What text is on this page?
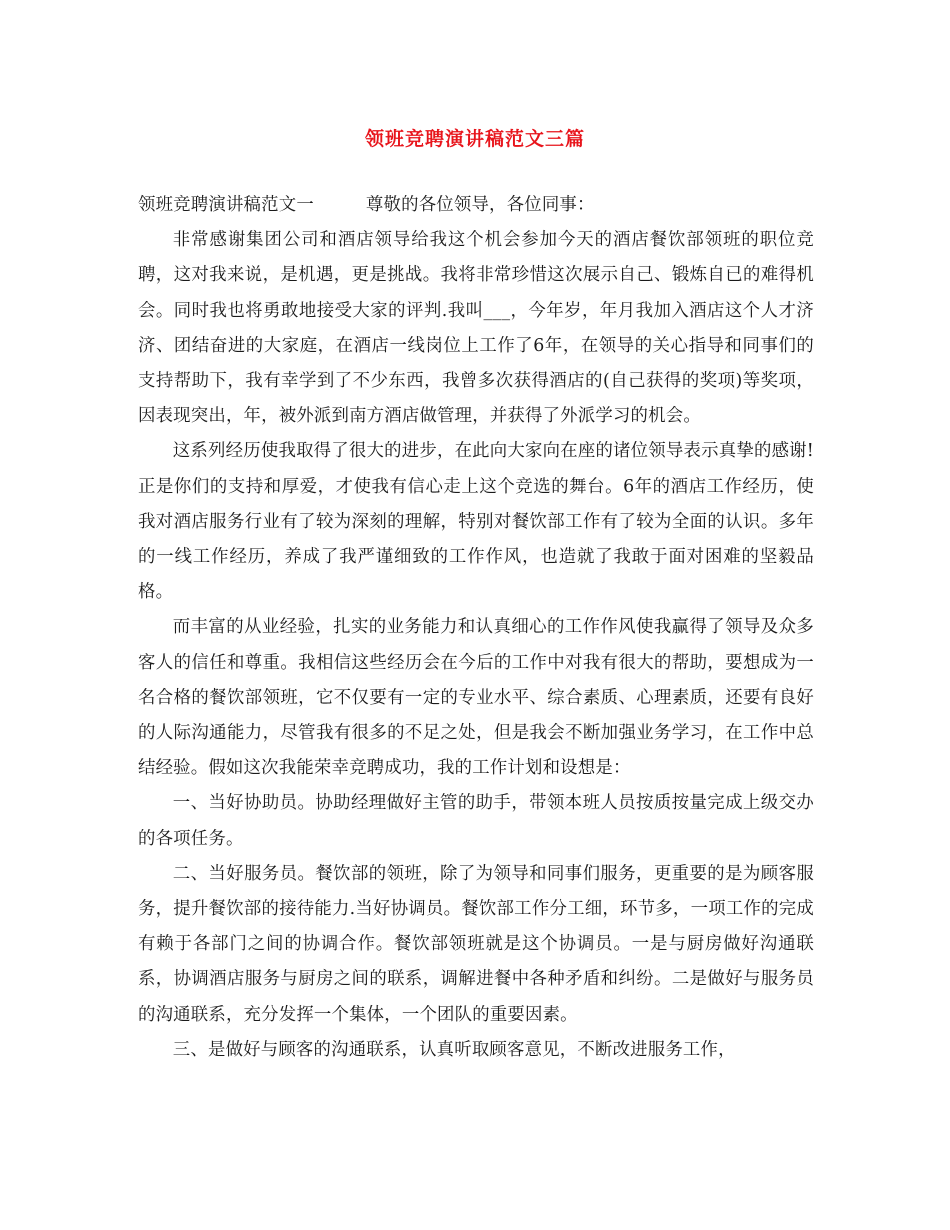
领班竞聘演讲稿范文三篇

领班竞聘演讲稿范文一	尊敬的各位领导，各位同事：

非常感谢集团公司和酒店领导给我这个机会参加今天的酒店餐饮部领班的职位竞聘，这对我来说，是机遇，更是挑战。我将非常珍惜这次展示自己、锻炼自已的难得机会。同时我也将勇敢地接受大家的评判.我叫___，今年岁，年月我加入酒店这个人才济济、团结奋进的大家庭，在酒店一线岗位上工作了6年，在领导的关心指导和同事们的支持帮助下，我有幸学到了不少东西，我曾多次获得酒店的(自己获得的奖项)等奖项，因表现突出，年，被外派到南方酒店做管理，并获得了外派学习的机会。

这系列经历使我取得了很大的进步，在此向大家向在座的诸位领导表示真挚的感谢!正是你们的支持和厚爱，才使我有信心走上这个竞选的舞台。6年的酒店工作经历，使我对酒店服务行业有了较为深刻的理解，特别对餐饮部工作有了较为全面的认识。多年的一线工作经历，养成了我严谨细致的工作作风，也造就了我敢于面对困难的坚毅品格。

而丰富的从业经验，扎实的业务能力和认真细心的工作作风使我赢得了领导及众多客人的信任和尊重。我相信这些经历会在今后的工作中对我有很大的帮助，要想成为一名合格的餐饮部领班，它不仅要有一定的专业水平、综合素质、心理素质，还要有良好的人际沟通能力，尽管我有很多的不足之处，但是我会不断加强业务学习，在工作中总结经验。假如这次我能荣幸竞聘成功，我的工作计划和设想是：

一、当好协助员。协助经理做好主管的助手，带领本班人员按质按量完成上级交办的各项任务。

二、当好服务员。餐饮部的领班，除了为领导和同事们服务，更重要的是为顾客服务，提升餐饮部的接待能力.当好协调员。餐饮部工作分工细，环节多，一项工作的完成有赖于各部门之间的协调合作。餐饮部领班就是这个协调员。一是与厨房做好沟通联系，协调酒店服务与厨房之间的联系，调解进餐中各种矛盾和纠纷。二是做好与服务员的沟通联系，充分发挥一个集体，一个团队的重要因素。

三、是做好与顾客的沟通联系，认真听取顾客意见，不断改进服务工作，
